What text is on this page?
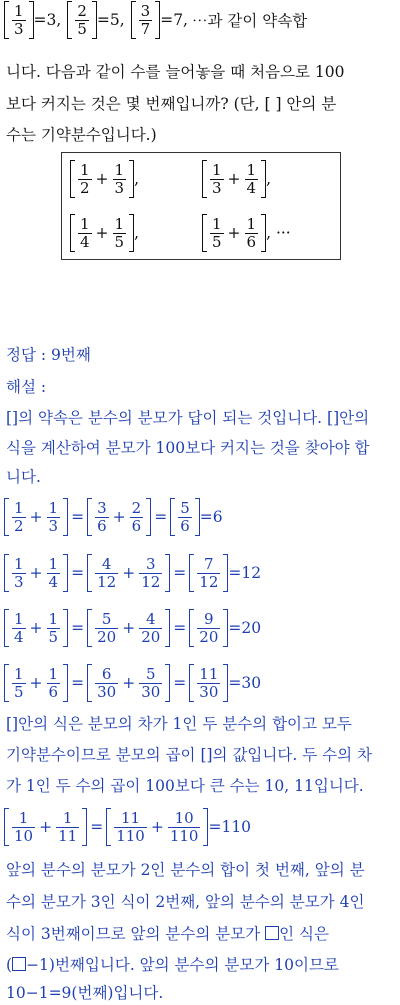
$\frac{1}{3} =3$, $\frac{2}{5} =5$, $\frac{3}{7} =7$, ⋯과 같이 약속합
니다. 다음과 같이 수를 늘어놓을 때 처음으로 100
보다 커지는 것은 몇 번째입니까? (단, [ ] 안의 분
수는 기약분수입니다.)
$\frac{1}{2} + \frac{1}{3}$ ,	$\frac{1}{3} + \frac{1}{4}$ ,
$\frac{1}{4} + \frac{1}{5}$ ,	$\frac{1}{5} + \frac{1}{6}$ , ···
정답 : 9번째
해설 :
[]의 약속은 분수의 분모가 답이 되는 것입니다. []안의
식을 계산하여 분모가 100보다 커지는 것을 찾아야 합
니다.
$\frac{1}{2} + \frac{1}{3} = \frac{3}{6} + \frac{2}{6} = \frac{5}{6} =6$
$\frac{1}{3} + \frac{1}{4} = \frac{4}{12} + \frac{3}{12} = \frac{7}{12} =12$
$\frac{1}{4} + \frac{1}{5} = \frac{5}{20} + \frac{4}{20} = \frac{9}{20} =20$
$\frac{1}{5} + \frac{1}{6} = \frac{6}{30} + \frac{5}{30} = \frac{11}{30} =30$
[]안의 식은 분모의 차가 1인 두 분수의 합이고 모두
기약분수이므로 분모의 곱이 []의 값입니다. 두 수의 차
가 1인 두 수의 곱이 100보다 큰 수는 10, 11입니다.
$\frac{1}{10} + \frac{1}{11} = \frac{11}{110} + \frac{10}{110} =110$
앞의 분수의 분모가 2인 분수의 합이 첫 번째, 앞의 분
수의 분모가 3인 식이 2번째, 앞의 분수의 분모가 4인
식이 3번째이므로 앞의 분수의 분모가 인 식은
( −1)번째입니다. 앞의 분수의 분모가 10이므로
10−1=9(번째)입니다.
